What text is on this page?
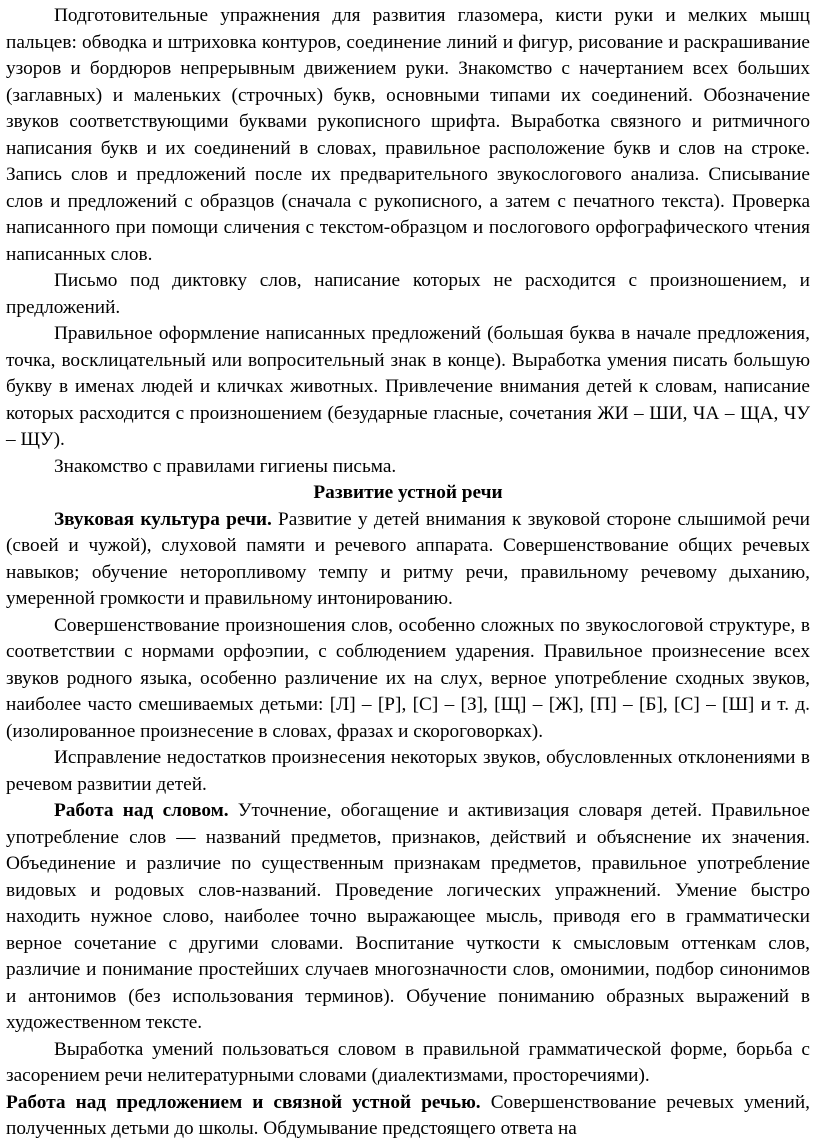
Подготовительные упражнения для развития глазомера, кисти руки и мелких мышц пальцев: обводка и штриховка контуров, соединение линий и фигур, рисование и раскрашивание узоров и бордюров непрерывным движением руки. Знакомство с начертанием всех больших (заглавных) и маленьких (строчных) букв, основными типами их соединений. Обозначение звуков соответствующими буквами рукописного шрифта. Выработка связного и ритмичного написания букв и их соединений в словах, правильное расположение букв и слов на строке. Запись слов и предложений после их предварительного звукослогового анализа. Списывание слов и предложений с образцов (сначала с рукописного, а затем с печатного текста). Проверка написанного при помощи сличения с текстом-образцом и послогового орфографического чтения написанных слов.

Письмо под диктовку слов, написание которых не расходится с произношением, и предложений.

Правильное оформление написанных предложений (большая буква в начале предложения, точка, восклицательный или вопросительный знак в конце). Выработка умения писать большую букву в именах людей и кличках животных. Привлечение внимания детей к словам, написание которых расходится с произношением (безударные гласные, сочетания ЖИ – ШИ, ЧА – ЩА, ЧУ – ЩУ).

Знакомство с правилами гигиены письма.

Развитие устной речи

Звуковая культура речи. Развитие у детей внимания к звуковой стороне слышимой речи (своей и чужой), слуховой памяти и речевого аппарата. Совершенствование общих речевых навыков; обучение неторопливому темпу и ритму речи, правильному речевому дыханию, умеренной громкости и правильному интонированию.

Совершенствование произношения слов, особенно сложных по звукослоговой структуре, в соответствии с нормами орфоэпии, с соблюдением ударения. Правильное произнесение всех звуков родного языка, особенно различение их на слух, верное употребление сходных звуков, наиболее часто смешиваемых детьми: [Л] – [Р], [С] – [З], [Щ] – [Ж], [П] – [Б], [С] – [Ш] и т. д. (изолированное произнесение в словах, фразах и скороговорках).

Исправление недостатков произнесения некоторых звуков, обусловленных отклонениями в речевом развитии детей.

Работа над словом. Уточнение, обогащение и активизация словаря детей. Правильное употребление слов — названий предметов, признаков, действий и объяснение их значения. Объединение и различие по существенным признакам предметов, правильное употребление видовых и родовых слов-названий. Проведение логических упражнений. Умение быстро находить нужное слово, наиболее точно выражающее мысль, приводя его в грамматически верное сочетание с другими словами. Воспитание чуткости к смысловым оттенкам слов, различие и понимание простейших случаев многозначности слов, омонимии, подбор синонимов и антонимов (без использования терминов). Обучение пониманию образных выражений в художественном тексте.

Выработка умений пользоваться словом в правильной грамматической форме, борьба с засорением речи нелитературными словами (диалектизмами, просторечиями).

Работа над предложением и связной устной речью. Совершенствование речевых умений, полученных детьми до школы. Обдумывание предстоящего ответа на
